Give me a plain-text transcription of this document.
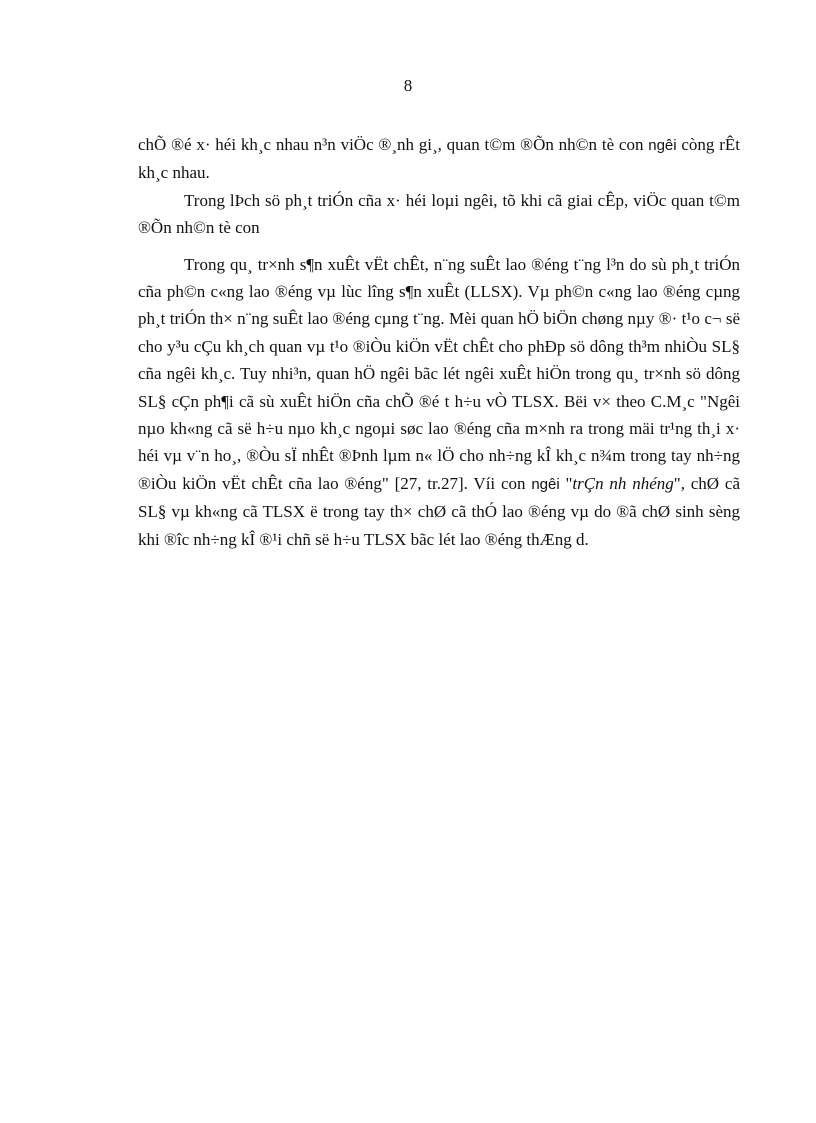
8

chÕ ®é x· héi kh¸c nhau n³n viÖc ®¸nh gi¸, quan t©m ®Õn nh©n tè con ngêi còng rÊt kh¸c nhau.

Trong lÞch sö ph¸t triÓn cña x· héi loµi ngêi, tõ khi cã giai cÊp, viÖc quan t©m ®Õn nh©n tè con

Trong qu¸ tr×nh s¶n xuÊt vËt chÊt, n¨ng suÊt lao ®éng t¨ng l³n do sù ph¸t triÓn cña ph©n c«ng lao ®éng vµ lùc lîng s¶n xuÊt (LLSX). Vµ ph©n c«ng lao ®éng cµng ph¸t triÓn th× n¨ng suÊt lao ®éng cµng t¨ng. Mèi quan hÖ biÖn chøng nµy ®· t¹o c¬ së cho y³u cÇu kh¸ch quan vµ t¹o ®iÒu kiÖn vËt chÊt cho phÐp sö dông th³m nhiÒu SL§ cña ngêi kh¸c. Tuy nhi³n, quan hÖ ngêi bãc lét ngêi xuÊt hiÖn trong qu¸ tr×nh sö dông SL§ cÇn ph¶i cã sù xuÊt hiÖn cña chÕ ®é t h÷u vÒ TLSX. Bëi v× theo C.M¸c "Ngêi nµo kh«ng cã së h÷u nµo kh¸c ngoµi søc lao ®éng cña m×nh ra trong mäi tr¹ng th¸i x· héi vµ v¨n ho¸, ®Òu sÏ nhÊt ®Þnh lµm n« lÖ cho nh÷ng kÎ kh¸c n¾m trong tay nh÷ng ®iÒu kiÖn vËt chÊt cña lao ®éng" [27, tr.27]. Víi con ngêi "trÇn nh nhéng", chØ cã SL§ vµ kh«ng cã TLSX ë trong tay th× chØ cã thÓ lao ®éng vµ do ®ã chØ sinh sèng khi ®îc nh÷ng kÎ ®¹i chñ së h÷u TLSX bãc lét lao ®éng thÆng d.
